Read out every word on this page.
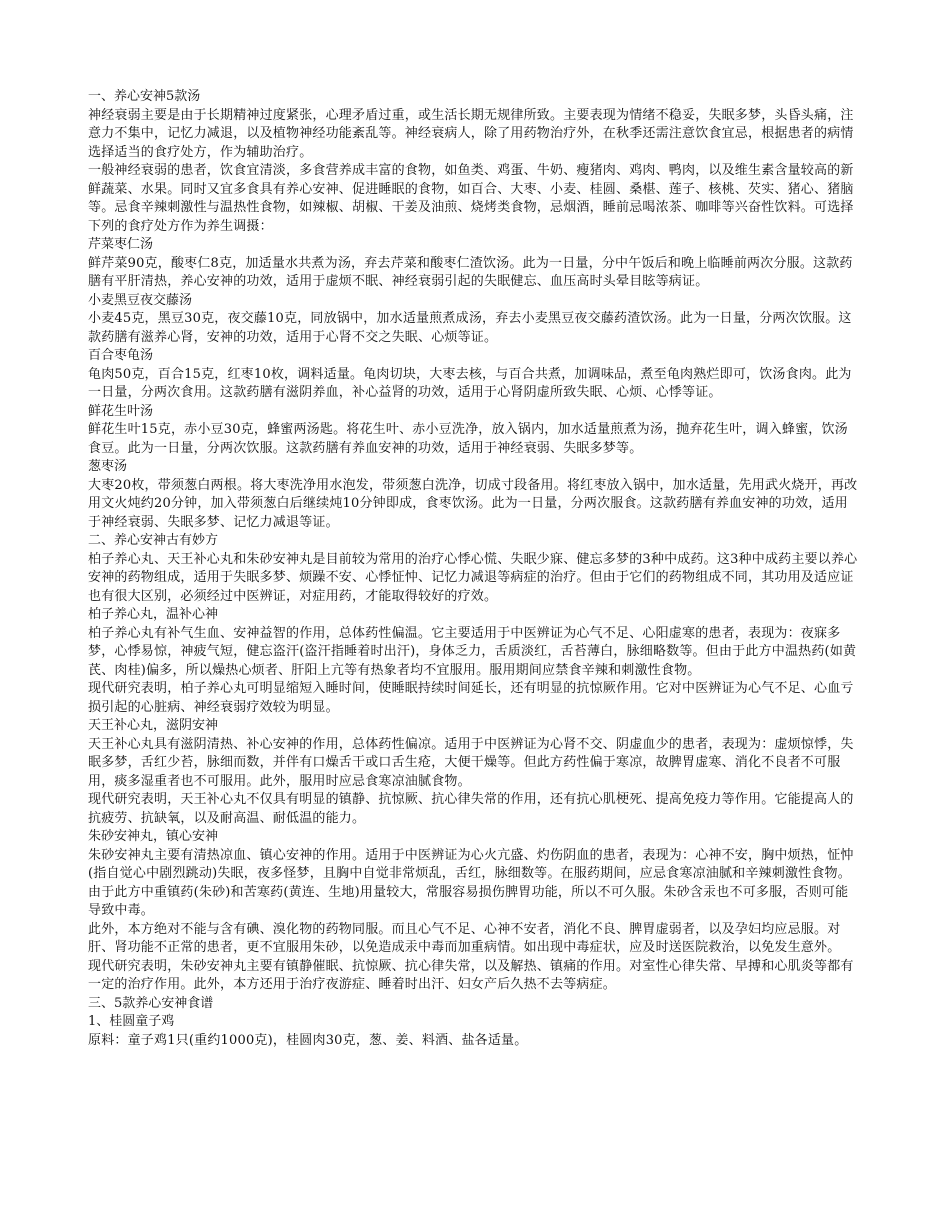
一、养心安神5款汤

神经衰弱主要是由于长期精神过度紧张，心理矛盾过重，或生活长期无规律所致。主要表现为情绪不稳妥，失眠多梦，头昏头痛，注意力不集中，记忆力减退，以及植物神经功能紊乱等。神经衰病人，除了用药物治疗外，在秋季还需注意饮食宜忌，根据患者的病情选择适当的食疗处方，作为辅助治疗。

一般神经衰弱的患者，饮食宜清淡，多食营养成丰富的食物，如鱼类、鸡蛋、牛奶、瘦猪肉、鸡肉、鸭肉，以及维生素含量较高的新鲜蔬菜、水果。同时又宜多食具有养心安神、促进睡眠的食物，如百合、大枣、小麦、桂圆、桑椹、莲子、核桃、芡实、猪心、猪脑等。忌食辛辣刺激性与温热性食物，如辣椒、胡椒、干姜及油煎、烧烤类食物，忌烟酒，睡前忌喝浓茶、咖啡等兴奋性饮料。可选择下列的食疗处方作为养生调摄：

芹菜枣仁汤

鲜芹菜90克，酸枣仁8克，加适量水共煮为汤，弃去芹菜和酸枣仁渣饮汤。此为一日量，分中午饭后和晚上临睡前两次分服。这款药膳有平肝清热，养心安神的功效，适用于虚烦不眠、神经衰弱引起的失眠健忘、血压高时头晕目眩等病证。

小麦黑豆夜交藤汤

小麦45克，黑豆30克，夜交藤10克，同放锅中，加水适量煎煮成汤，弃去小麦黑豆夜交藤药渣饮汤。此为一日量，分两次饮服。这款药膳有滋养心肾，安神的功效，适用于心肾不交之失眠、心烦等证。

百合枣龟汤

龟肉50克，百合15克，红枣10枚，调料适量。龟肉切块，大枣去核，与百合共煮，加调味品，煮至龟肉熟烂即可，饮汤食肉。此为一日量，分两次食用。这款药膳有滋阴养血，补心益肾的功效，适用于心肾阴虚所致失眠、心烦、心悸等证。

鲜花生叶汤

鲜花生叶15克，赤小豆30克，蜂蜜两汤匙。将花生叶、赤小豆洗净，放入锅内，加水适量煎煮为汤，抛弃花生叶，调入蜂蜜，饮汤食豆。此为一日量，分两次饮服。这款药膳有养血安神的功效，适用于神经衰弱、失眠多梦等。

葱枣汤

大枣20枚，带须葱白两根。将大枣洗净用水泡发，带须葱白洗净，切成寸段备用。将红枣放入锅中，加水适量，先用武火烧开，再改用文火炖约20分钟，加入带须葱白后继续炖10分钟即成，食枣饮汤。此为一日量，分两次服食。这款药膳有养血安神的功效，适用于神经衰弱、失眠多梦、记忆力减退等证。

二、养心安神古有妙方

柏子养心丸、天王补心丸和朱砂安神丸是目前较为常用的治疗心悸心慌、失眠少寐、健忘多梦的3种中成药。这3种中成药主要以养心安神的药物组成，适用于失眠多梦、烦躁不安、心悸怔忡、记忆力减退等病症的治疗。但由于它们的药物组成不同，其功用及适应证也有很大区别，必须经过中医辨证，对症用药，才能取得较好的疗效。

柏子养心丸，温补心神

柏子养心丸有补气生血、安神益智的作用，总体药性偏温。它主要适用于中医辨证为心气不足、心阳虚寒的患者，表现为：夜寐多梦，心悸易惊，神疲气短，健忘盗汗(盗汗指睡着时出汗)，身体乏力，舌质淡红，舌苔薄白，脉细略数等。但由于此方中温热药(如黄芪、肉桂)偏多，所以燥热心烦者、肝阳上亢等有热象者均不宜服用。服用期间应禁食辛辣和刺激性食物。

现代研究表明，柏子养心丸可明显缩短入睡时间，使睡眠持续时间延长，还有明显的抗惊厥作用。它对中医辨证为心气不足、心血亏损引起的心脏病、神经衰弱疗效较为明显。

天王补心丸，滋阴安神

天王补心丸具有滋阴清热、补心安神的作用，总体药性偏凉。适用于中医辨证为心肾不交、阴虚血少的患者，表现为：虚烦惊悸，失眠多梦，舌红少苔，脉细而数，并伴有口燥舌干或口舌生疮，大便干燥等。但此方药性偏于寒凉，故脾胃虚寒、消化不良者不可服用，痰多湿重者也不可服用。此外，服用时应忌食寒凉油腻食物。

现代研究表明，天王补心丸不仅具有明显的镇静、抗惊厥、抗心律失常的作用，还有抗心肌梗死、提高免疫力等作用。它能提高人的抗疲劳、抗缺氧，以及耐高温、耐低温的能力。

朱砂安神丸，镇心安神

朱砂安神丸主要有清热凉血、镇心安神的作用。适用于中医辨证为心火亢盛、灼伤阴血的患者，表现为：心神不安，胸中烦热，怔忡(指自觉心中剧烈跳动)失眠，夜多怪梦，且胸中自觉非常烦乱，舌红，脉细数等。在服药期间，应忌食寒凉油腻和辛辣刺激性食物。由于此方中重镇药(朱砂)和苦寒药(黄连、生地)用量较大，常服容易损伤脾胃功能，所以不可久服。朱砂含汞也不可多服，否则可能导致中毒。

此外，本方绝对不能与含有碘、溴化物的药物同服。而且心气不足、心神不安者，消化不良、脾胃虚弱者，以及孕妇均应忌服。对肝、肾功能不正常的患者，更不宜服用朱砂，以免造成汞中毒而加重病情。如出现中毒症状，应及时送医院救治，以免发生意外。

现代研究表明，朱砂安神丸主要有镇静催眠、抗惊厥、抗心律失常，以及解热、镇痛的作用。对室性心律失常、早搏和心肌炎等都有一定的治疗作用。此外，本方还用于治疗夜游症、睡着时出汗、妇女产后久热不去等病症。

三、5款养心安神食谱

1、桂圆童子鸡

原料：童子鸡1只(重约1000克)，桂圆肉30克，葱、姜、料酒、盐各适量。
